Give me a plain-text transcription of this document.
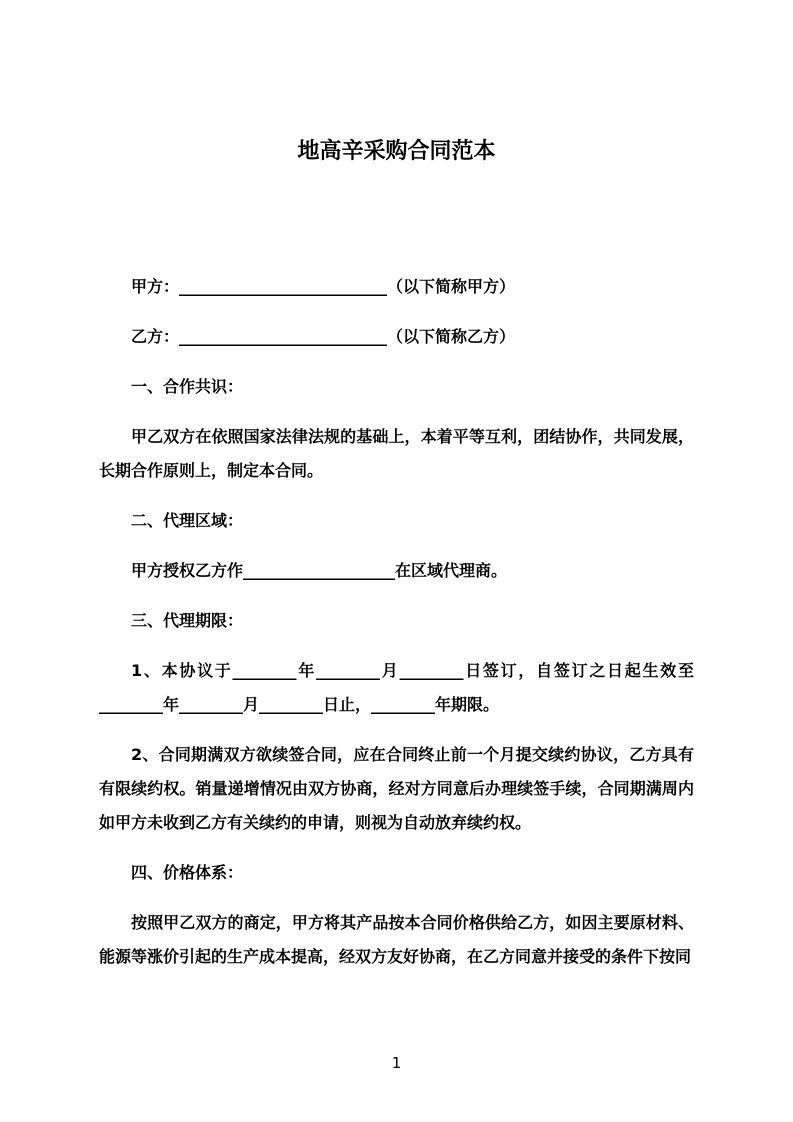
地高辛采购合同范本

甲方：__________________________（以下简称甲方）

乙方：__________________________（以下简称乙方）

一、合作共识：

甲乙双方在依照国家法律法规的基础上，本着平等互利，团结协作，共同发展，长期合作原则上，制定本合同。

二、代理区域：

甲方授权乙方作___________________在区域代理商。

三、代理期限：

1、本协议于________年________月________日签订，自签订之日起生效至________年________月________日止，________年期限。

2、合同期满双方欲续签合同，应在合同终止前一个月提交续约协议，乙方具有有限续约权。销量递增情况由双方协商，经对方同意后办理续签手续，合同期满周内如甲方未收到乙方有关续约的申请，则视为自动放弃续约权。

四、价格体系：

按照甲乙双方的商定，甲方将其产品按本合同价格供给乙方，如因主要原材料、能源等涨价引起的生产成本提高，经双方友好协商，在乙方同意并接受的条件下按同

1
